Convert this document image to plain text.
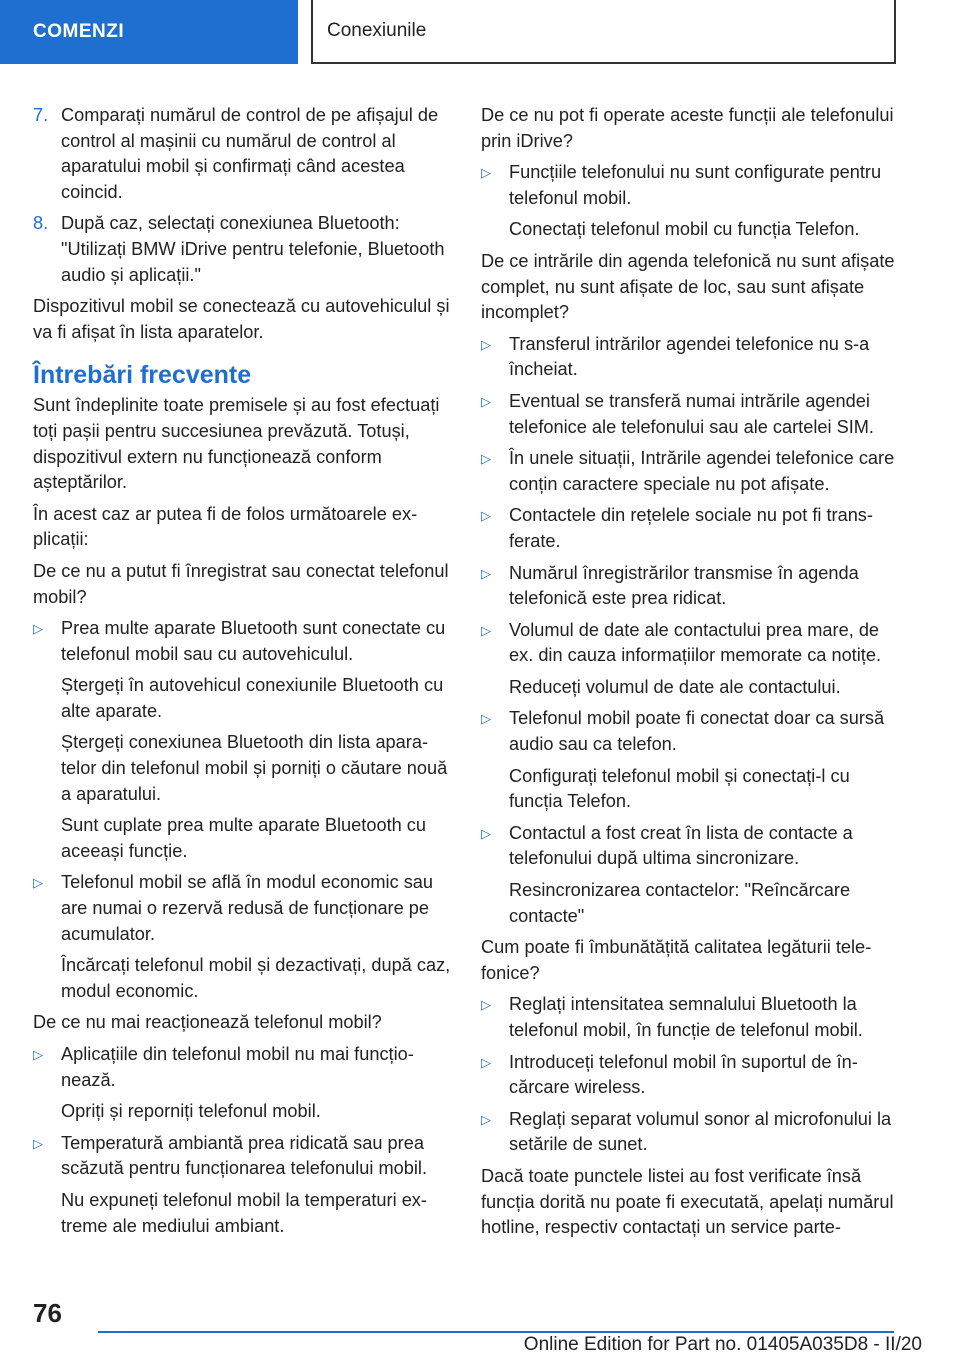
COMENZI	Conexiunile
7. Comparați numărul de control de pe afișajul de control al mașinii cu numărul de control al aparatului mobil și confirmați când acestea coincid.
8. După caz, selectați conexiunea Bluetooth: "Utilizați BMW iDrive pentru telefonie, Bluetooth audio și aplicații."

Dispozitivul mobil se conectează cu autovehiculul și va fi afișat în lista aparatelor.

Întrebări frecvente

Sunt îndeplinite toate premisele și au fost efectuați toți pașii pentru succesiunea prevăzută. Totuși, dispozitivul extern nu funcționează conform așteptărilor.

În acest caz ar putea fi de folos următoarele explicații:

De ce nu a putut fi înregistrat sau conectat telefonul mobil?

▷ Prea multe aparate Bluetooth sunt conectate cu telefonul mobil sau cu autovehiculul.

Ștergeți în autovehicul conexiunile Bluetooth cu alte aparate.

Ștergeți conexiunea Bluetooth din lista aparatelor din telefonul mobil și porniți o căutare nouă a aparatului.

Sunt cuplate prea multe aparate Bluetooth cu aceeași funcție.

▷ Telefonul mobil se află în modul economic sau are numai o rezervă redusă de funcționare pe acumulator.

Încărcați telefonul mobil și dezactivați, după caz, modul economic.

De ce nu mai reacționează telefonul mobil?

▷ Aplicațiile din telefonul mobil nu mai funcționează.

Opriți și reporniți telefonul mobil.

▷ Temperatură ambiantă prea ridicată sau prea scăzută pentru funcționarea telefonului mobil.

Nu expuneți telefonul mobil la temperaturi extreme ale mediului ambiant.

De ce nu pot fi operate aceste funcții ale telefonului prin iDrive?

▷ Funcțiile telefonului nu sunt configurate pentru telefonul mobil.

Conectați telefonul mobil cu funcția Telefon.

De ce intrările din agenda telefonică nu sunt afișate complet, nu sunt afișate de loc, sau sunt afișate incomplet?

▷ Transferul intrărilor agendei telefonice nu s-a încheiat.
▷ Eventual se transferă numai intrările agendei telefonice ale telefonului sau ale cartelei SIM.
▷ În unele situații, Intrările agendei telefonice care conțin caractere speciale nu pot afișate.
▷ Contactele din rețelele sociale nu pot fi transferate.
▷ Numărul înregistrărilor transmise în agenda telefonică este prea ridicat.
▷ Volumul de date ale contactului prea mare, de ex. din cauza informațiilor memorate ca notițe.

Reduceți volumul de date ale contactului.

▷ Telefonul mobil poate fi conectat doar ca sursă audio sau ca telefon.

Configurați telefonul mobil și conectați-l cu funcția Telefon.

▷ Contactul a fost creat în lista de contacte a telefonului după ultima sincronizare.

Resincronizarea contactelor: "Reîncărcare contacte"

Cum poate fi îmbunătățită calitatea legăturii telefonice?

▷ Reglați intensitatea semnalului Bluetooth la telefonul mobil, în funcție de telefonul mobil.
▷ Introduceți telefonul mobil în suportul de încărcare wireless.
▷ Reglați separat volumul sonor al microfonului la setările de sunet.

Dacă toate punctele listei au fost verificate însă funcția dorită nu poate fi executată, apelați numărul hotline, respectiv contactați un service parte-

76
Online Edition for Part no. 01405A035D8 - II/20
